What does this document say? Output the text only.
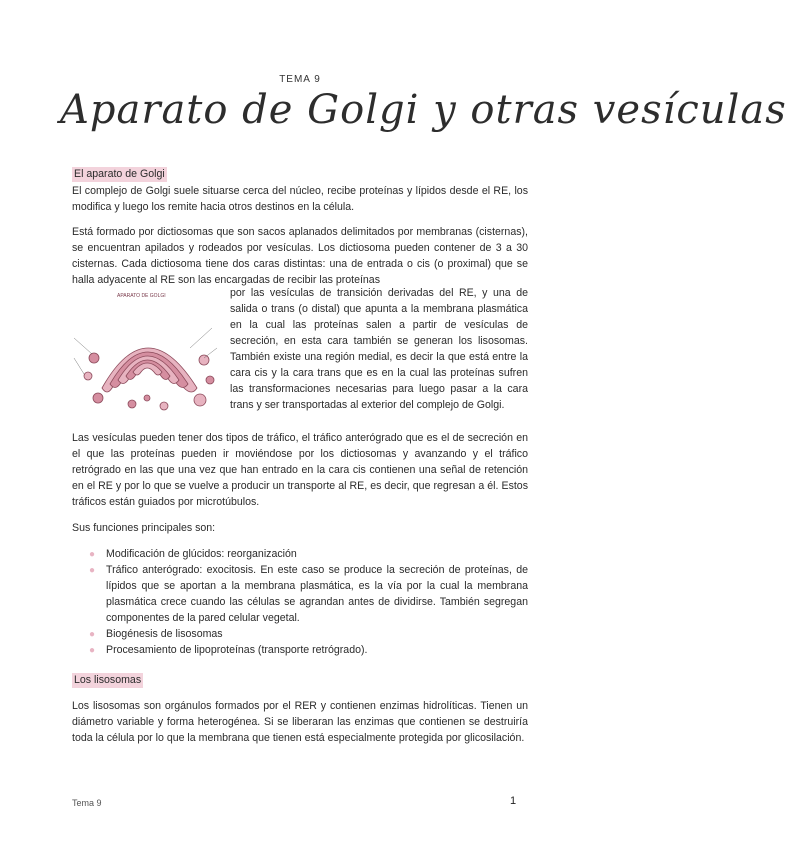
TEMA 9
Aparato de Golgi y otras vesículas
El aparato de Golgi

El complejo de Golgi suele situarse cerca del núcleo, recibe proteínas y lípidos desde el RE, los modifica y luego los remite hacia otros destinos en la célula.

Está formado por dictiosomas que son sacos aplanados delimitados por membranas (cisternas), se encuentran apilados y rodeados por vesículas. Los dictiosoma pueden contener de 3 a 30 cisternas. Cada dictiosoma tiene dos caras distintas: una de entrada o cis (o proximal) que se halla adyacente al RE son las encargadas de recibir las proteínas

APARATO DE GOLGI	por las vesículas de transición derivadas del RE, y una de salida o trans (o distal) que apunta a la membrana plasmática en la cual las proteínas salen a partir de vesículas de secreción, en esta cara también se generan los lisosomas. También existe una región medial, es decir la que está entre la cara cis y la cara trans que es en la cual las proteínas sufren las transformaciones necesarias para luego pasar a la cara trans y ser transportadas al exterior del complejo de Golgi.

Las vesículas pueden tener dos tipos de tráfico, el tráfico anterógrado que es el de secreción en el que las proteínas pueden ir moviéndose por los dictiosomas y avanzando y el tráfico retrógrado en las que una vez que han entrado en la cara cis contienen una señal de retención en el RE y por lo que se vuelve a producir un transporte al RE, es decir, que regresan a él. Estos tráficos están guiados por microtúbulos.

Sus funciones principales son:

● Modificación de glúcidos: reorganización
● Tráfico anterógrado: exocitosis. En este caso se produce la secreción de proteínas, de lípidos que se aportan a la membrana plasmática, es la vía por la cual la membrana plasmática crece cuando las células se agrandan antes de dividirse. También segregan componentes de la pared celular vegetal.
● Biogénesis de lisosomas
● Procesamiento de lipoproteínas (transporte retrógrado).
Los lisosomas

Los lisosomas son orgánulos formados por el RER y contienen enzimas hidrolíticas. Tienen un diámetro variable y forma heterogénea. Si se liberaran las enzimas que contienen se destruiría toda la célula por lo que la membrana que tienen está especialmente protegida por glicosilación.

Tema 9	1
